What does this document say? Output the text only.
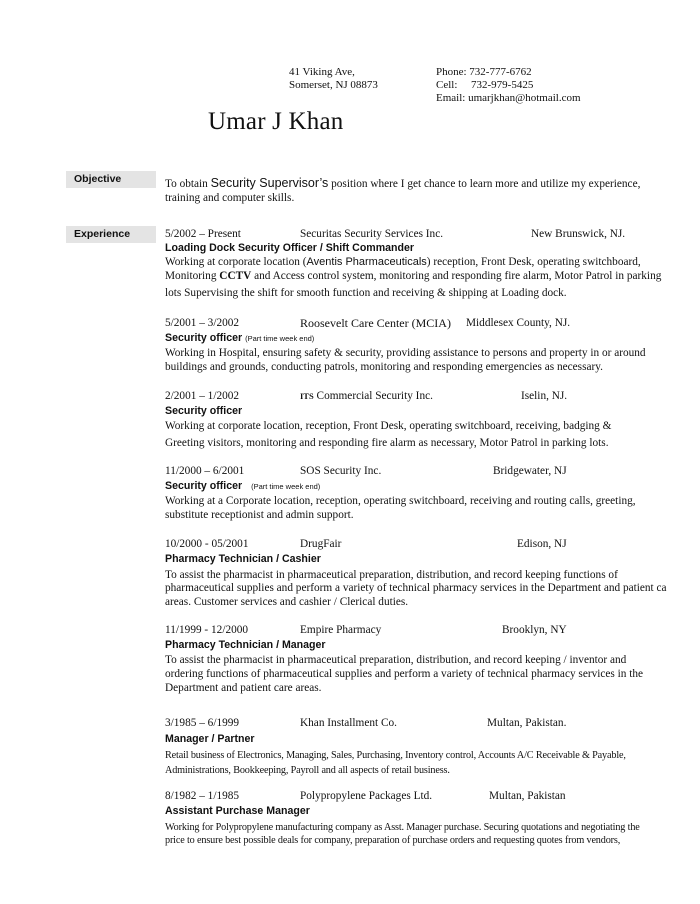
41 Viking Ave,
Somerset, NJ 08873
Phone: 732-777-6762
Cell: 732-979-5425
Email: umarjkhan@hotmail.com
Umar J Khan
Objective	To obtain Security Supervisor’s position where I get chance to learn more and utilize my experience,
training and computer skills.
Experience	5/2002 – Present	Securitas Security Services Inc.	New Brunswick, NJ.
Loading Dock Security Officer / Shift Commander
Working at corporate location (Aventis Pharmaceuticals) reception, Front Desk, operating switchboard,
Monitoring CCTV and Access control system, monitoring and responding fire alarm, Motor Patrol in parking
lots Supervising the shift for smooth function and receiving & shipping at Loading dock.
5/2001 – 3/2002	Roosevelt Care Center (MCIA) Middlesex County, NJ.
Security officer (Part time week end)
Working in Hospital, ensuring safety & security, providing assistance to persons and property in or around
buildings and grounds, conducting patrols, monitoring and responding emergencies as necessary.
2/2001 – 1/2002	ITS Commercial Security Inc.	Iselin, NJ.
Security officer
Working at corporate location, reception, Front Desk, operating switchboard, receiving, badging &
Greeting visitors, monitoring and responding fire alarm as necessary, Motor Patrol in parking lots.
11/2000 – 6/2001	SOS Security Inc.	Bridgewater, NJ
Security officer (Part time week end)
Working at a Corporate location, reception, operating switchboard, receiving and routing calls, greeting,
substitute receptionist and admin support.
10/2000 - 05/2001	DrugFair	Edison, NJ
Pharmacy Technician / Cashier
To assist the pharmacist in pharmaceutical preparation, distribution, and record keeping functions of
pharmaceutical supplies and perform a variety of technical pharmacy services in the Department and patient ca
areas. Customer services and cashier / Clerical duties.
11/1999 - 12/2000	Empire Pharmacy	Brooklyn, NY
Pharmacy Technician / Manager
To assist the pharmacist in pharmaceutical preparation, distribution, and record keeping / inventor and
ordering functions of pharmaceutical supplies and perform a variety of technical pharmacy services in the
Department and patient care areas.
3/1985 – 6/1999	Khan Installment Co.	Multan, Pakistan.
Manager / Partner
Retail business of Electronics, Managing, Sales, Purchasing, Inventory control, Accounts A/C Receivable & Payable,
Administrations, Bookkeeping, Payroll and all aspects of retail business.
8/1982 – 1/1985	Polypropylene Packages Ltd.	Multan, Pakistan
Assistant Purchase Manager
Working for Polypropylene manufacturing company as Asst. Manager purchase. Securing quotations and negotiating the
price to ensure best possible deals for company, preparation of purchase orders and requesting quotes from vendors,
